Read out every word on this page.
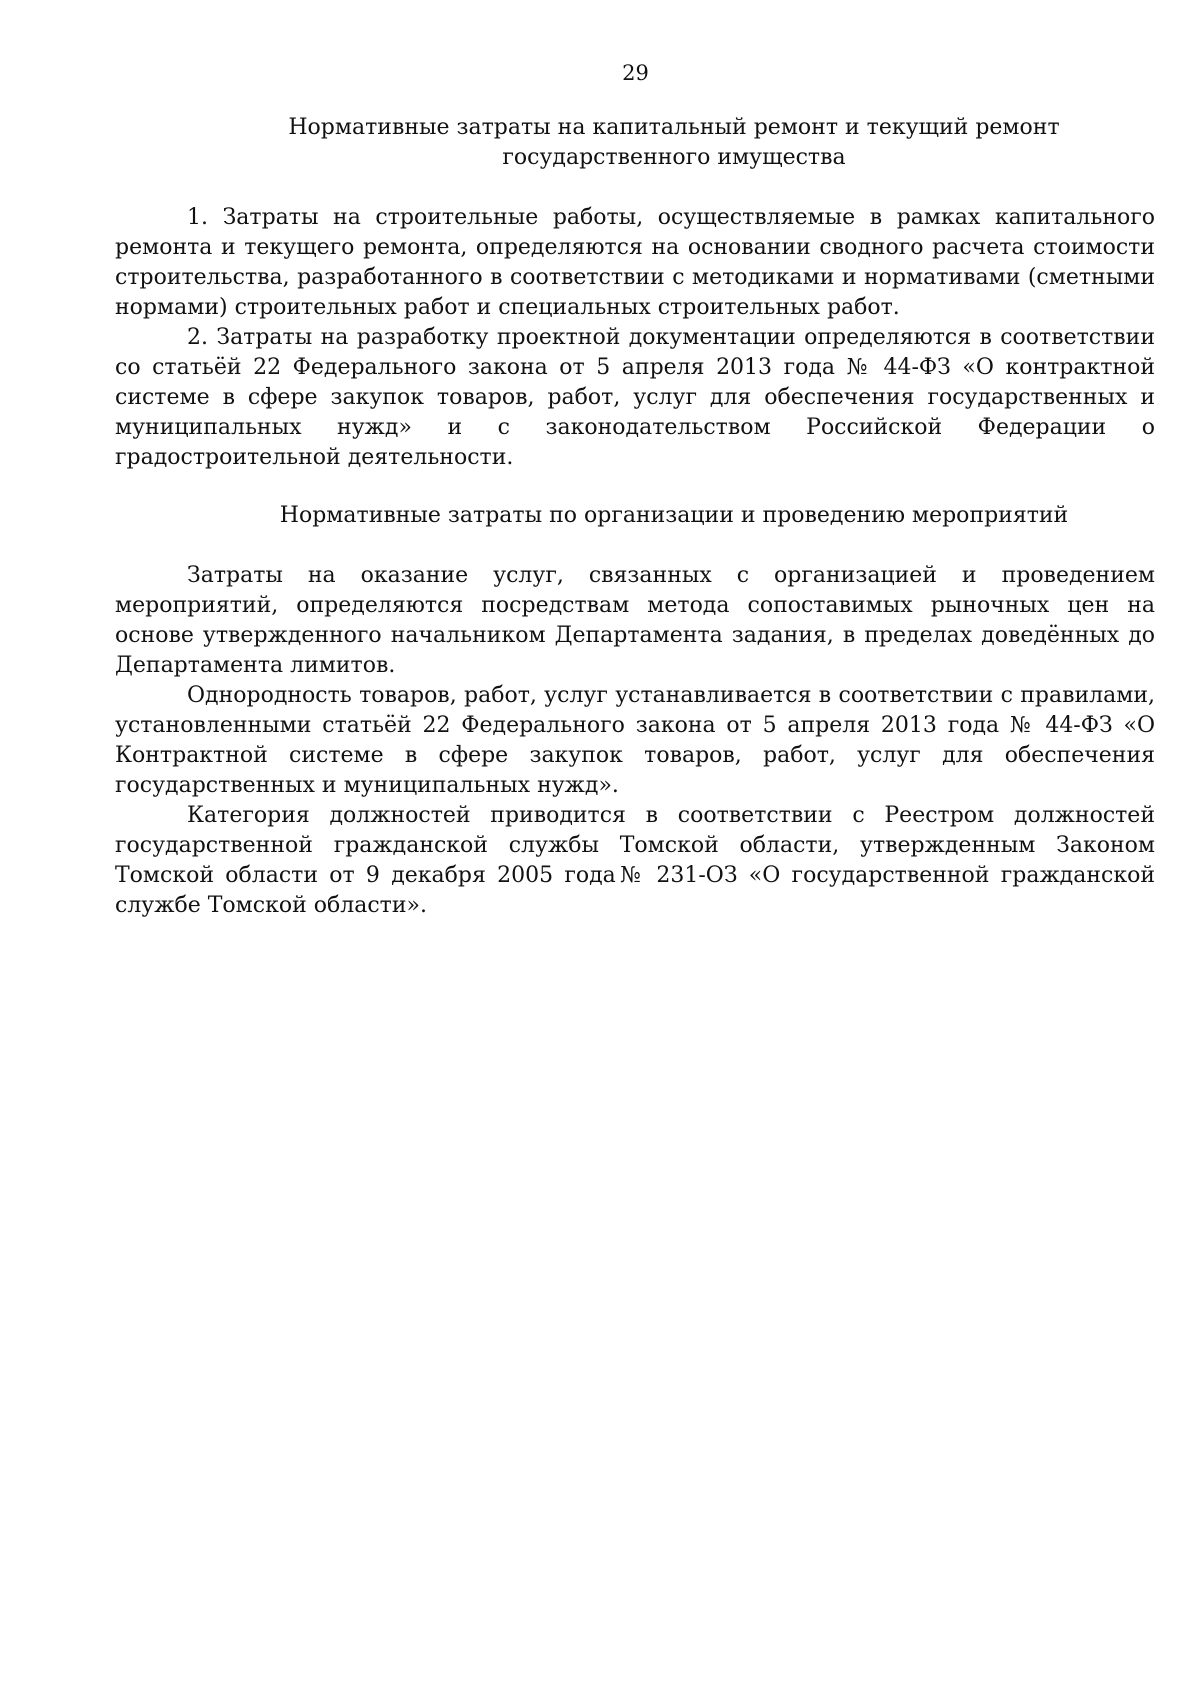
29
Нормативные затраты на капитальный ремонт и текущий ремонт государственного имущества

1. Затраты на строительные работы, осуществляемые в рамках капитального ремонта и текущего ремонта, определяются на основании сводного расчета стоимости строительства, разработанного в соответствии с методиками и нормативами (сметными нормами) строительных работ и специальных строительных работ.

2. Затраты на разработку проектной документации определяются в соответствии со статьёй 22 Федерального закона от 5 апреля 2013 года № 44-ФЗ «О контрактной системе в сфере закупок товаров, работ, услуг для обеспечения государственных и муниципальных нужд» и с законодательством Российской Федерации о градостроительной деятельности.

Нормативные затраты по организации и проведению мероприятий

Затраты на оказание услуг, связанных с организацией и проведением мероприятий, определяются посредствам метода сопоставимых рыночных цен на основе утвержденного начальником Департамента задания, в пределах доведённых до Департамента лимитов.

Однородность товаров, работ, услуг устанавливается в соответствии с правилами, установленными статьёй 22 Федерального закона от 5 апреля 2013 года № 44-ФЗ «О Контрактной системе в сфере закупок товаров, работ, услуг для обеспечения государственных и муниципальных нужд».

Категория должностей приводится в соответствии с Реестром должностей государственной гражданской службы Томской области, утвержденным Законом Томской области от 9 декабря 2005 года№ 231-ОЗ «О государственной гражданской службе Томской области».
